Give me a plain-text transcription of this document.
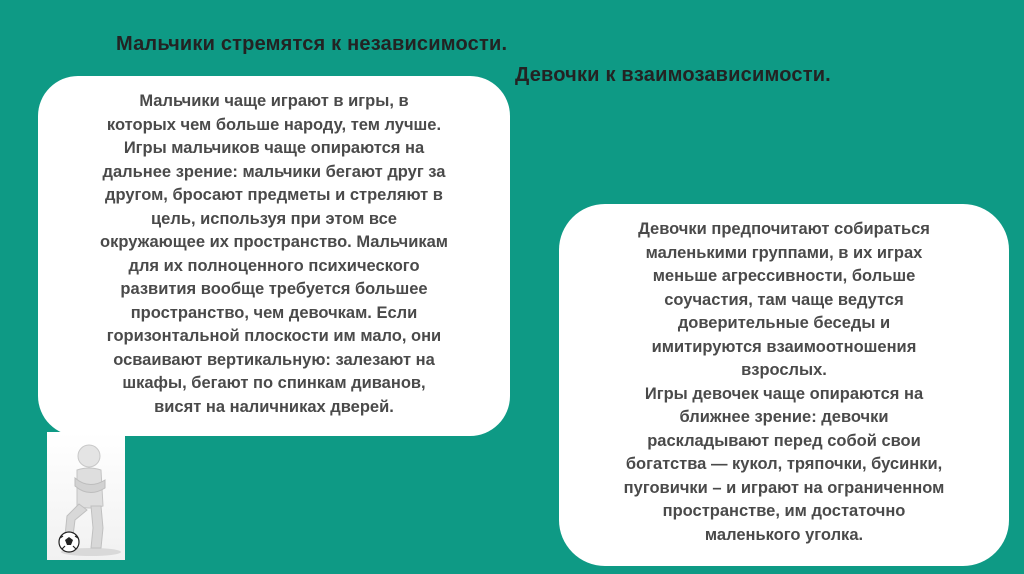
Мальчики стремятся к независимости.
Девочки к взаимозависимости.

Мальчики чаще играют в игры, в
которых чем больше народу, тем лучше.
Игры мальчиков чаще опираются на
дальнее зрение: мальчики бегают друг за
другом, бросают предметы и стреляют в
цель, используя при этом все
окружающее их пространство. Мальчикам
для их полноценного психического
развития вообще требуется большее
пространство, чем девочкам. Если
горизонтальной плоскости им мало, они
осваивают вертикальную: залезают на
шкафы, бегают по спинкам диванов,
висят на наличниках дверей.

Девочки предпочитают собираться
маленькими группами, в их играх
меньше агрессивности, больше
соучастия, там чаще ведутся
доверительные беседы и
имитируются взаимоотношения
взрослых.
Игры девочек чаще опираются на
ближнее зрение: девочки
раскладывают перед собой свои
богатства — кукол, тряпочки, бусинки,
пуговички – и играют на ограниченном
пространстве, им достаточно
маленького уголка.
